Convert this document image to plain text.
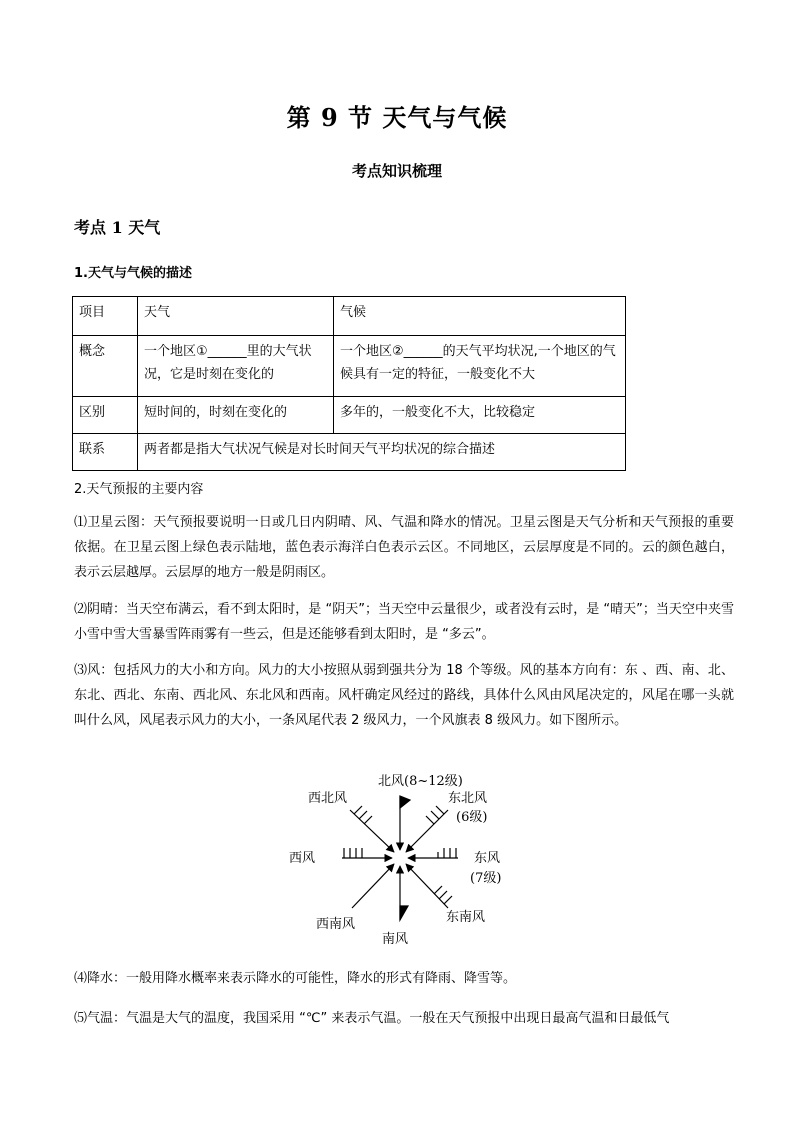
第 9 节 天气与气候
考点知识梳理
考点 1 天气
1.天气与气候的描述
项目	天气	气候
概念	一个地区①______里的大气状况，它是时刻在变化的	一个地区②______的天气平均状况,一个地区的气候具有一定的特征，一般变化不大
区别	短时间的，时刻在变化的	多年的，一般变化不大，比较稳定
联系	两者都是指大气状况气候是对长时间天气平均状况的综合描述	
2.天气预报的主要内容
⑴卫星云图：天气预报要说明一日或几日内阴晴、风、气温和降水的情况。卫星云图是天气分析和天气预报的重要依据。在卫星云图上绿色表示陆地，蓝色表示海洋白色表示云区。不同地区，云层厚度是不同的。云的颜色越白，表示云层越厚。云层厚的地方一般是阴雨区。
⑵阴晴：当天空布满云，看不到太阳时，是 “阴天”；当天空中云量很少，或者没有云时，是 “晴天”；当天空中夹雪小雪中雪大雪暴雪阵雨雾有一些云，但是还能够看到太阳时，是 “多云”。
⑶风：包括风力的大小和方向。风力的大小按照从弱到强共分为 18 个等级。风的基本方向有：东 、西、南、北、东北、西北、东南、西北风、东北风和西南。风杆确定风经过的路线，具体什么风由风尾决定的，风尾在哪一头就叫什么风，风尾表示风力的大小，一条风尾代表 2 级风力，一个风旗表 8 级风力。如下图所示。
北风(8~12级)
西北风	东北风
(6级)
西风	东风
(7级)
西南风	东南风
南风
⑷降水：一般用降水概率来表示降水的可能性，降水的形式有降雨、降雪等。
⑸气温：气温是大气的温度，我国采用 “℃” 来表示气温。一般在天气预报中出现日最高气温和日最低气
